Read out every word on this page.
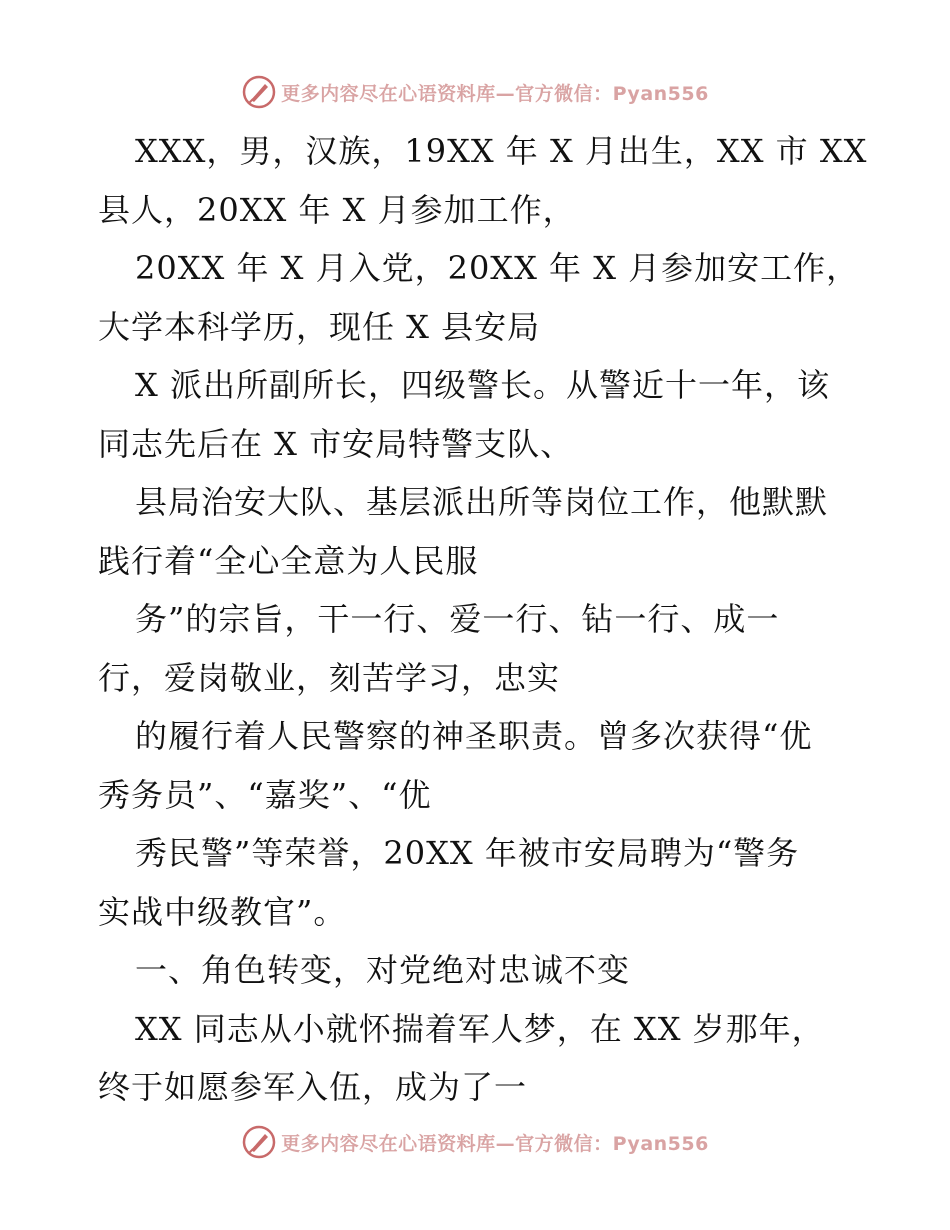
更多内容尽在心语资料库—官方微信：Pyan556
XXX，男，汉族，19XX 年 X 月出生，XX 市 XX
县人，20XX 年 X 月参加工作，
20XX 年 X 月入党，20XX 年 X 月参加安工作，
大学本科学历，现任 X 县安局
X 派出所副所长，四级警长。从警近十一年，该
同志先后在 X 市安局特警支队、
县局治安大队、基层派出所等岗位工作，他默默
践行着“全心全意为人民服
务”的宗旨，干一行、爱一行、钻一行、成一
行，爱岗敬业，刻苦学习，忠实
的履行着人民警察的神圣职责。曾多次获得“优
秀务员”、“嘉奖”、“优
秀民警”等荣誉，20XX 年被市安局聘为“警务
实战中级教官”。
一、角色转变，对党绝对忠诚不变
XX 同志从小就怀揣着军人梦，在 XX 岁那年，
终于如愿参军入伍，成为了一
更多内容尽在心语资料库—官方微信：Pyan556
